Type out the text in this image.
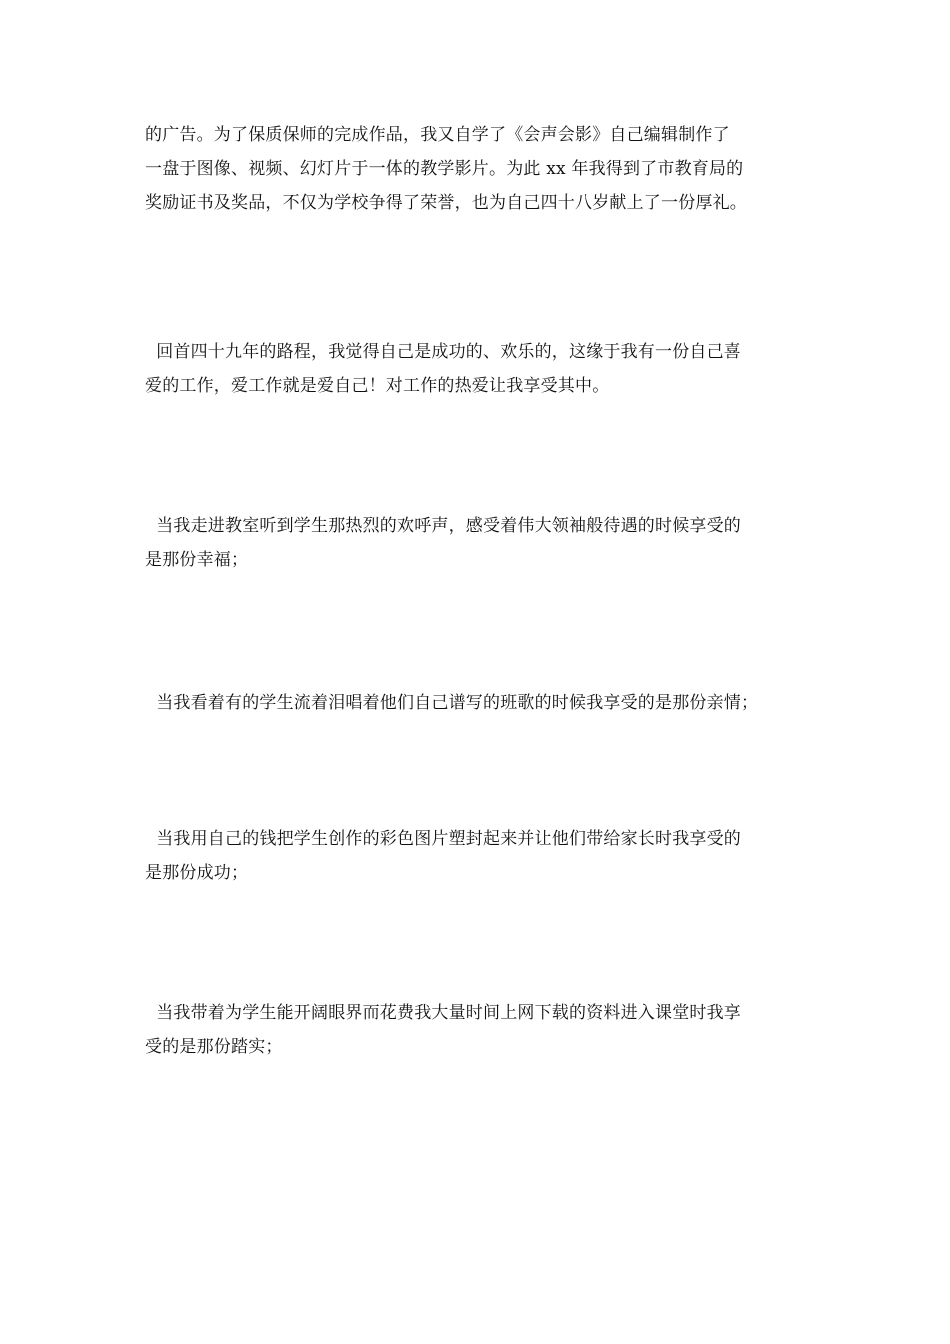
的广告。为了保质保师的完成作品，我又自学了《会声会影》自己编辑制作了
一盘于图像、视频、幻灯片于一体的教学影片。为此 xx 年我得到了市教育局的
奖励证书及奖品，不仅为学校争得了荣誉，也为自己四十八岁献上了一份厚礼。
回首四十九年的路程，我觉得自己是成功的、欢乐的，这缘于我有一份自己喜
爱的工作，爱工作就是爱自己！对工作的热爱让我享受其中。
当我走进教室听到学生那热烈的欢呼声，感受着伟大领袖般待遇的时候享受的
是那份幸福；
当我看着有的学生流着泪唱着他们自己谱写的班歌的时候我享受的是那份亲情；
当我用自己的钱把学生创作的彩色图片塑封起来并让他们带给家长时我享受的
是那份成功；
当我带着为学生能开阔眼界而花费我大量时间上网下载的资料进入课堂时我享
受的是那份踏实；
